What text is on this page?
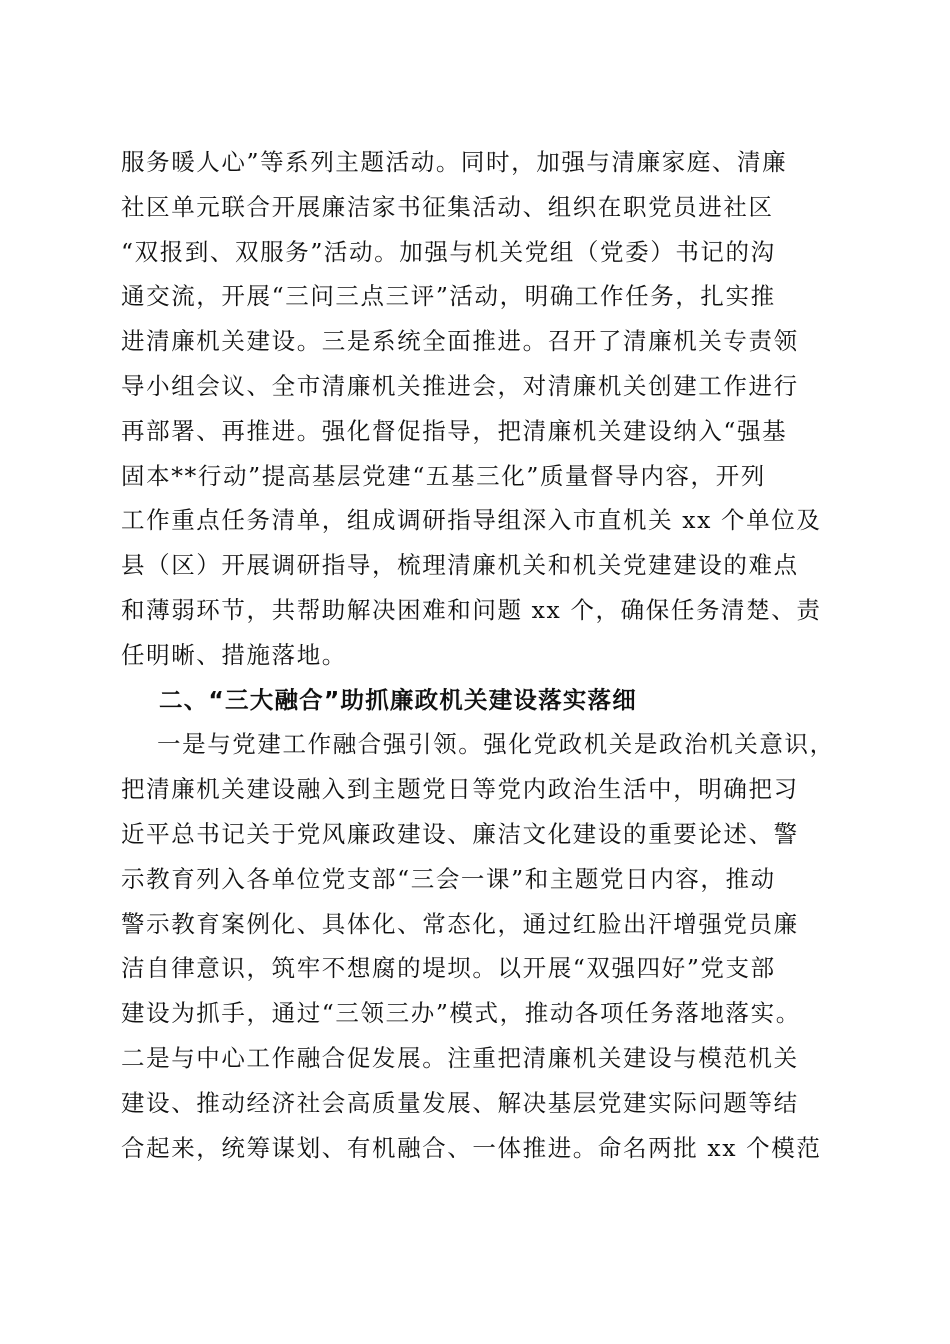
服务暖人心”等系列主题活动。同时，加强与清廉家庭、清廉
社区单元联合开展廉洁家书征集活动、组织在职党员进社区
“双报到、双服务”活动。加强与机关党组（党委）书记的沟
通交流，开展“三问三点三评”活动，明确工作任务，扎实推
进清廉机关建设。三是系统全面推进。召开了清廉机关专责领
导小组会议、全市清廉机关推进会，对清廉机关创建工作进行
再部署、再推进。强化督促指导，把清廉机关建设纳入“强基
固本**行动”提高基层党建“五基三化”质量督导内容，开列
工作重点任务清单，组成调研指导组深入市直机关 xx 个单位及
县（区）开展调研指导，梳理清廉机关和机关党建建设的难点
和薄弱环节，共帮助解决困难和问题 xx 个，确保任务清楚、责
任明晰、措施落地。
二、“三大融合”助抓廉政机关建设落实落细
一是与党建工作融合强引领。强化党政机关是政治机关意识，
把清廉机关建设融入到主题党日等党内政治生活中，明确把习
近平总书记关于党风廉政建设、廉洁文化建设的重要论述、警
示教育列入各单位党支部“三会一课”和主题党日内容，推动
警示教育案例化、具体化、常态化，通过红脸出汗增强党员廉
洁自律意识，筑牢不想腐的堤坝。以开展“双强四好”党支部
建设为抓手，通过“三领三办”模式，推动各项任务落地落实。
二是与中心工作融合促发展。注重把清廉机关建设与模范机关
建设、推动经济社会高质量发展、解决基层党建实际问题等结
合起来，统筹谋划、有机融合、一体推进。命名两批 xx 个模范
